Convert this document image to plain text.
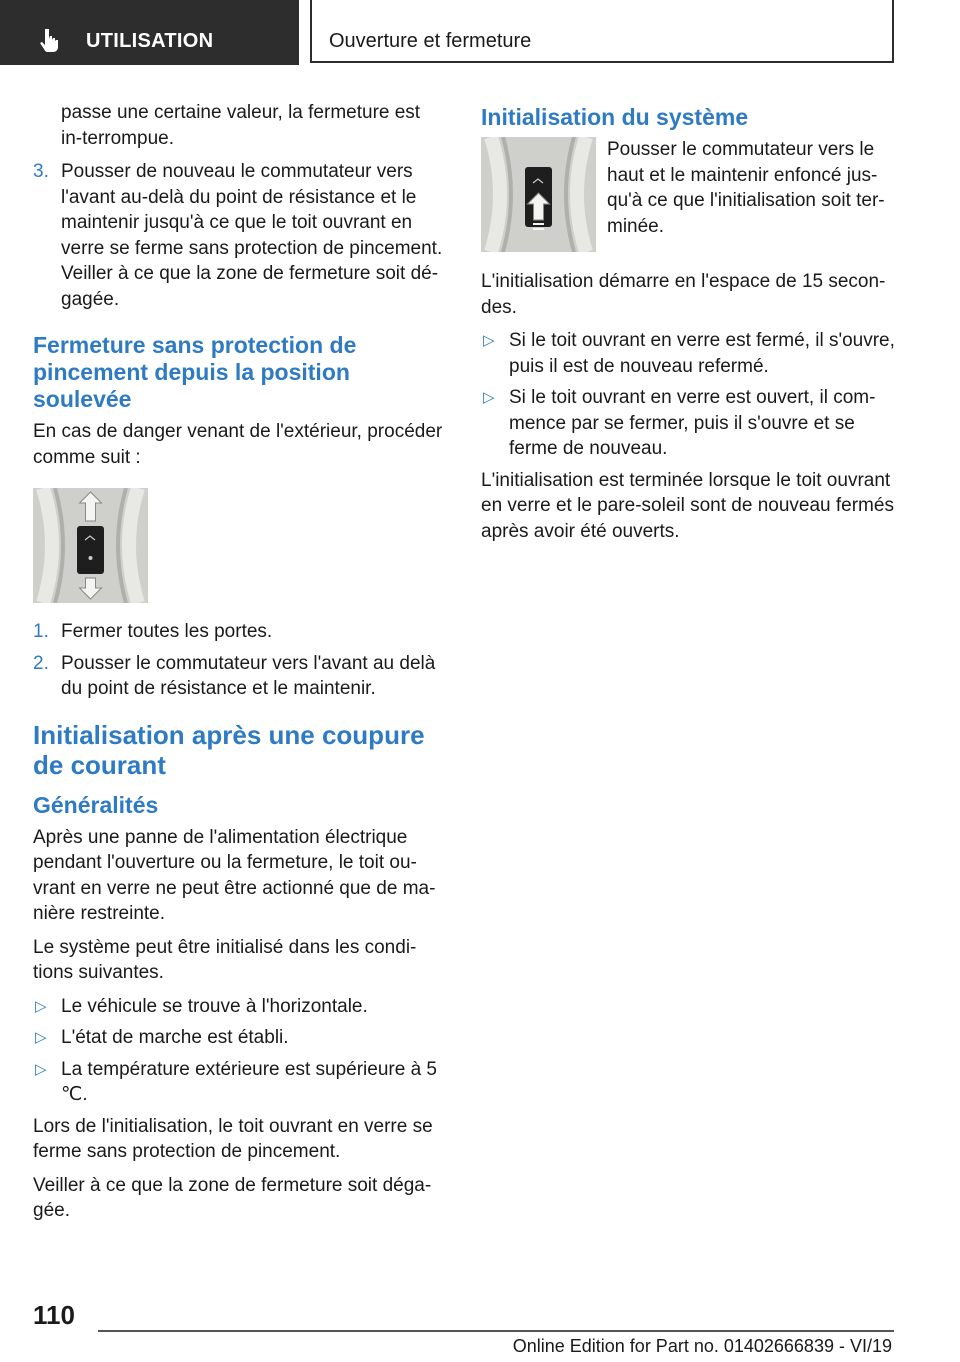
UTILISATION	Ouverture et fermeture

passe une certaine valeur, la fermeture est in-terrompue.

3. Pousser de nouveau le commutateur vers l'avant au-delà du point de résistance et le maintenir jusqu'à ce que le toit ouvrant en verre se ferme sans protection de pincement. Veiller à ce que la zone de fermeture soit dé-gagée.
Fermeture sans protection de pincement depuis la position soulevée

En cas de danger venant de l'extérieur, procéder comme suit :

1. Fermer toutes les portes.
2. Pousser le commutateur vers l'avant au delà du point de résistance et le maintenir.
Initialisation après une coupure de courant
Généralités

Après une panne de l'alimentation électrique pendant l'ouverture ou la fermeture, le toit ou-vrant en verre ne peut être actionné que de ma-nière restreinte.

Le système peut être initialisé dans les condi-tions suivantes.

▷ Le véhicule se trouve à l'horizontale.
▷ L'état de marche est établi.
▷ La température extérieure est supérieure à 5 ℃.

Lors de l'initialisation, le toit ouvrant en verre se ferme sans protection de pincement.

Veiller à ce que la zone de fermeture soit déga-gée.

Initialisation du système
Pousser le commutateur vers le haut et le maintenir enfoncé jus-qu'à ce que l'initialisation soit ter-minée.

L'initialisation démarre en l'espace de 15 secon-des.

▷ Si le toit ouvrant en verre est fermé, il s'ouvre, puis il est de nouveau refermé.
▷ Si le toit ouvrant en verre est ouvert, il com-mence par se fermer, puis il s'ouvre et se ferme de nouveau.

L'initialisation est terminée lorsque le toit ouvrant en verre et le pare-soleil sont de nouveau fermés après avoir été ouverts.

110
Online Edition for Part no. 01402666839 - VI/19
